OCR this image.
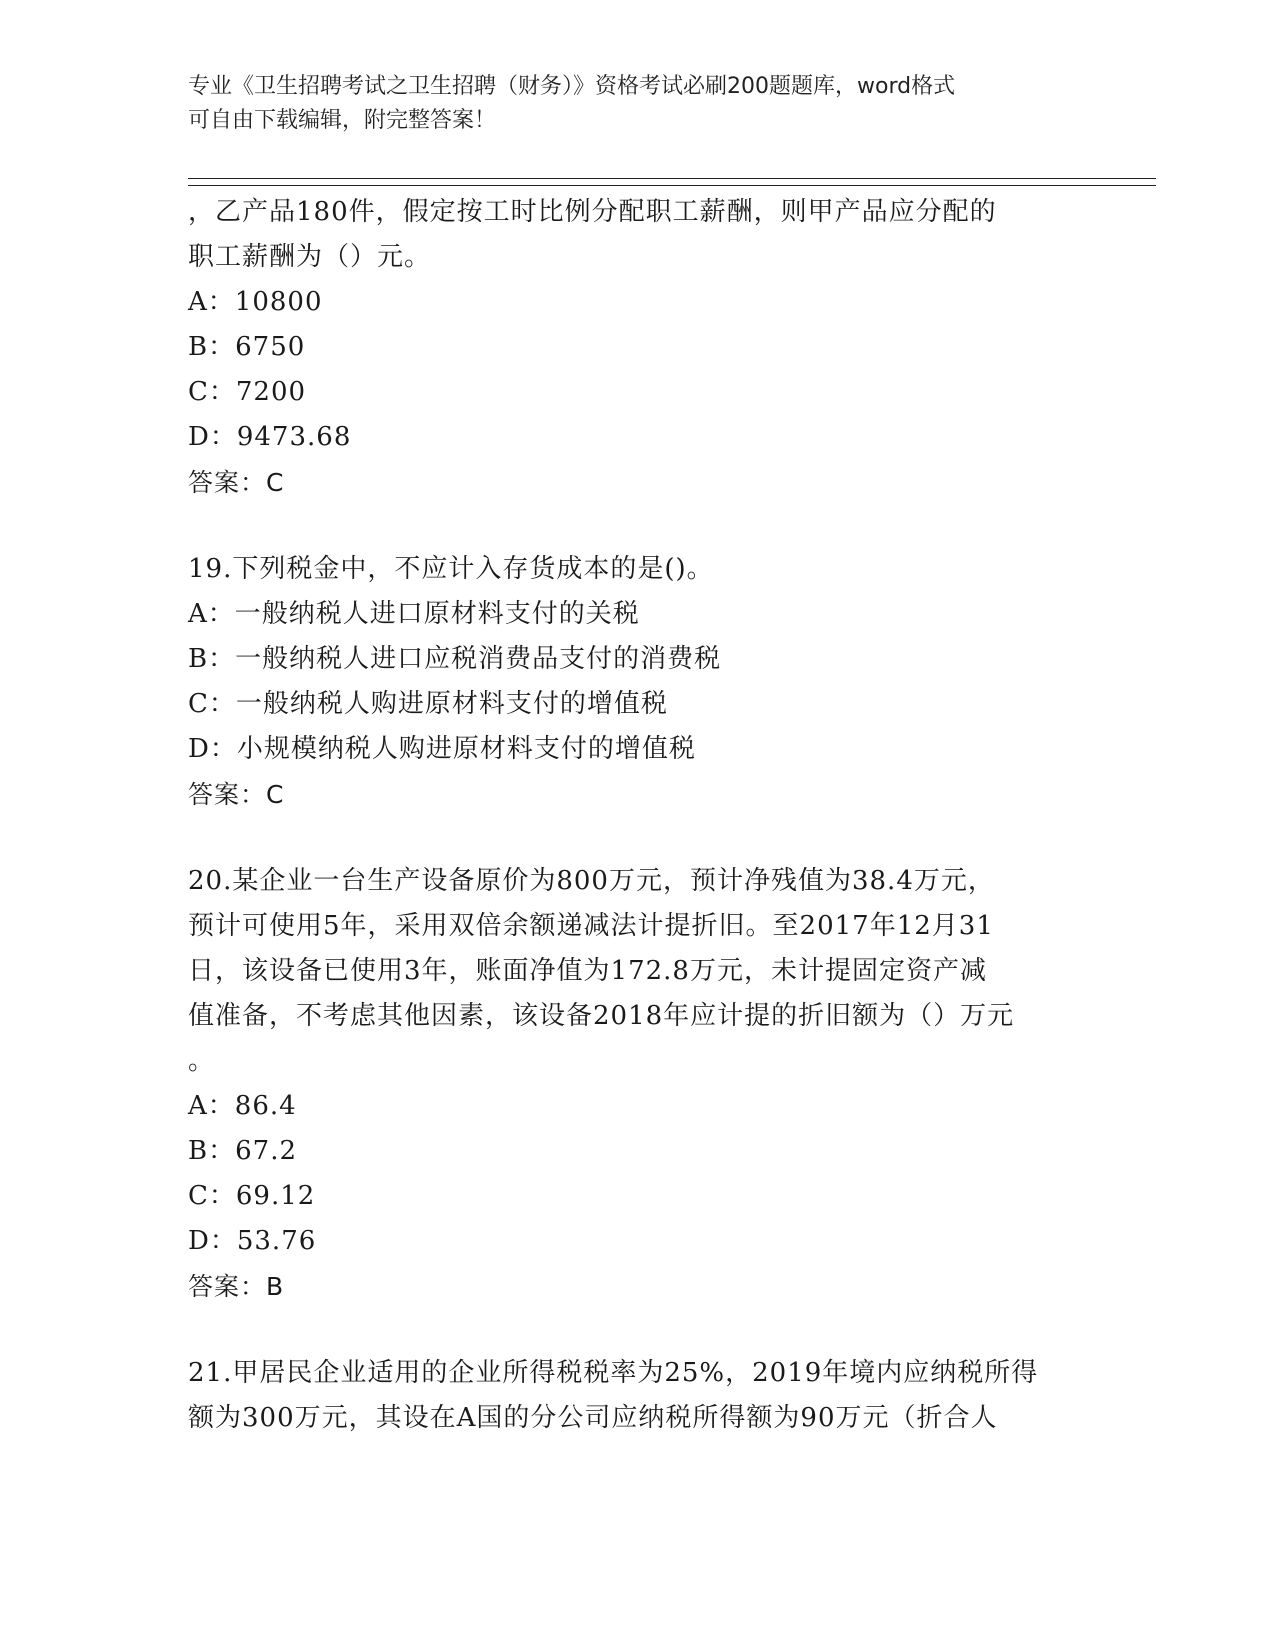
专业《卫生招聘考试之卫生招聘（财务）》资格考试必刷200题题库，word格式
可自由下载编辑，附完整答案！
，乙产品180件，假定按工时比例分配职工薪酬，则甲产品应分配的
职工薪酬为（）元。
A：10800
B：6750
C：7200
D：9473.68
答案：C
19.下列税金中，不应计入存货成本的是()。
A：一般纳税人进口原材料支付的关税
B：一般纳税人进口应税消费品支付的消费税
C：一般纳税人购进原材料支付的增值税
D：小规模纳税人购进原材料支付的增值税
答案：C
20.某企业一台生产设备原价为800万元，预计净残值为38.4万元，
预计可使用5年，采用双倍余额递减法计提折旧。至2017年12月31
日，该设备已使用3年，账面净值为172.8万元，未计提固定资产减
值准备，不考虑其他因素，该设备2018年应计提的折旧额为（）万元
。
A：86.4
B：67.2
C：69.12
D：53.76
答案：B
21.甲居民企业适用的企业所得税税率为25%，2019年境内应纳税所得
额为300万元，其设在A国的分公司应纳税所得额为90万元（折合人
